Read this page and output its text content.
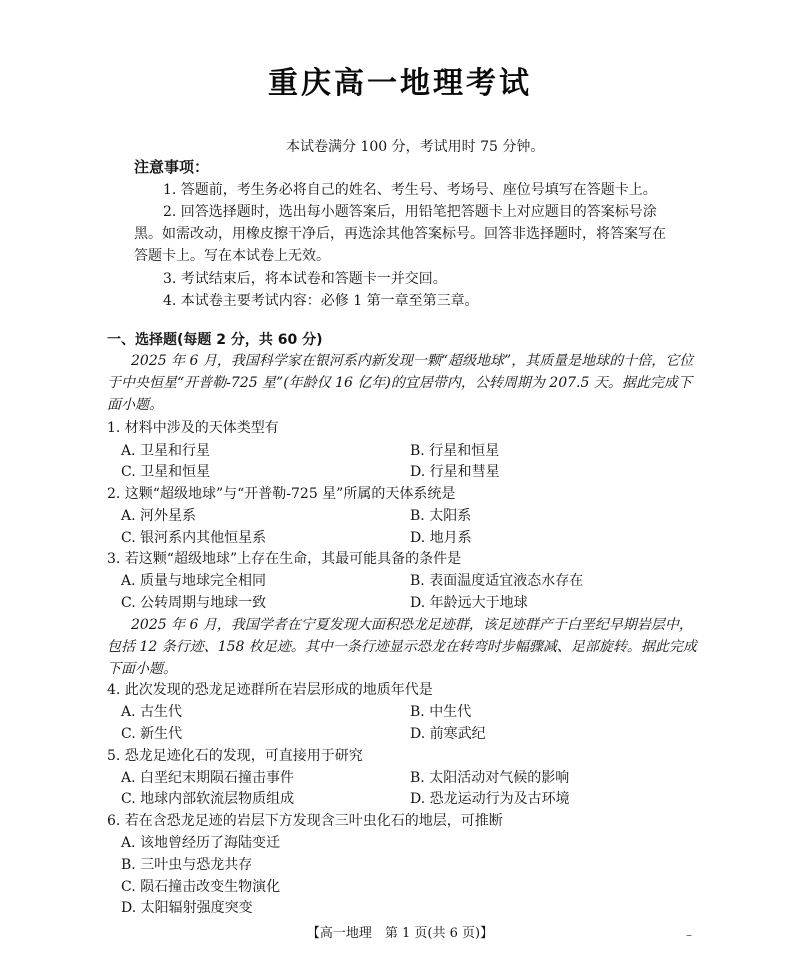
重庆高一地理考试
本试卷满分 100 分，考试用时 75 分钟。
注意事项：
1. 答题前，考生务必将自己的姓名、考生号、考场号、座位号填写在答题卡上。
2. 回答选择题时，选出每小题答案后，用铅笔把答题卡上对应题目的答案标号涂
黑。如需改动，用橡皮擦干净后，再选涂其他答案标号。回答非选择题时，将答案写在
答题卡上。写在本试卷上无效。
3. 考试结束后，将本试卷和答题卡一并交回。
4. 本试卷主要考试内容：必修 1 第一章至第三章。
一、选择题(每题 2 分，共 60 分)
2025 年 6 月，我国科学家在银河系内新发现一颗“超级地球”，其质量是地球的十倍，它位
于中央恒星“开普勒-725 星”(年龄仅 16 亿年)的宜居带内，公转周期为 207.5 天。据此完成下
面小题。
1. 材料中涉及的天体类型有
A. 卫星和行星	B. 行星和恒星
C. 卫星和恒星	D. 行星和彗星
2. 这颗“超级地球”与“开普勒-725 星”所属的天体系统是
A. 河外星系	B. 太阳系
C. 银河系内其他恒星系	D. 地月系
3. 若这颗“超级地球”上存在生命，其最可能具备的条件是
A. 质量与地球完全相同	B. 表面温度适宜液态水存在
C. 公转周期与地球一致	D. 年龄远大于地球
2025 年 6 月，我国学者在宁夏发现大面积恐龙足迹群，该足迹群产于白垩纪早期岩层中，
包括 12 条行迹、158 枚足迹。其中一条行迹显示恐龙在转弯时步幅骤减、足部旋转。据此完成
下面小题。
4. 此次发现的恐龙足迹群所在岩层形成的地质年代是
A. 古生代	B. 中生代
C. 新生代	D. 前寒武纪
5. 恐龙足迹化石的发现，可直接用于研究
A. 白垩纪末期陨石撞击事件	B. 太阳活动对气候的影响
C. 地球内部软流层物质组成	D. 恐龙运动行为及古环境
6. 若在含恐龙足迹的岩层下方发现含三叶虫化石的地层，可推断
A. 该地曾经历了海陆变迁
B. 三叶虫与恐龙共存
C. 陨石撞击改变生物演化
D. 太阳辐射强度突变
【高一地理　第 1 页(共 6 页)】	–
